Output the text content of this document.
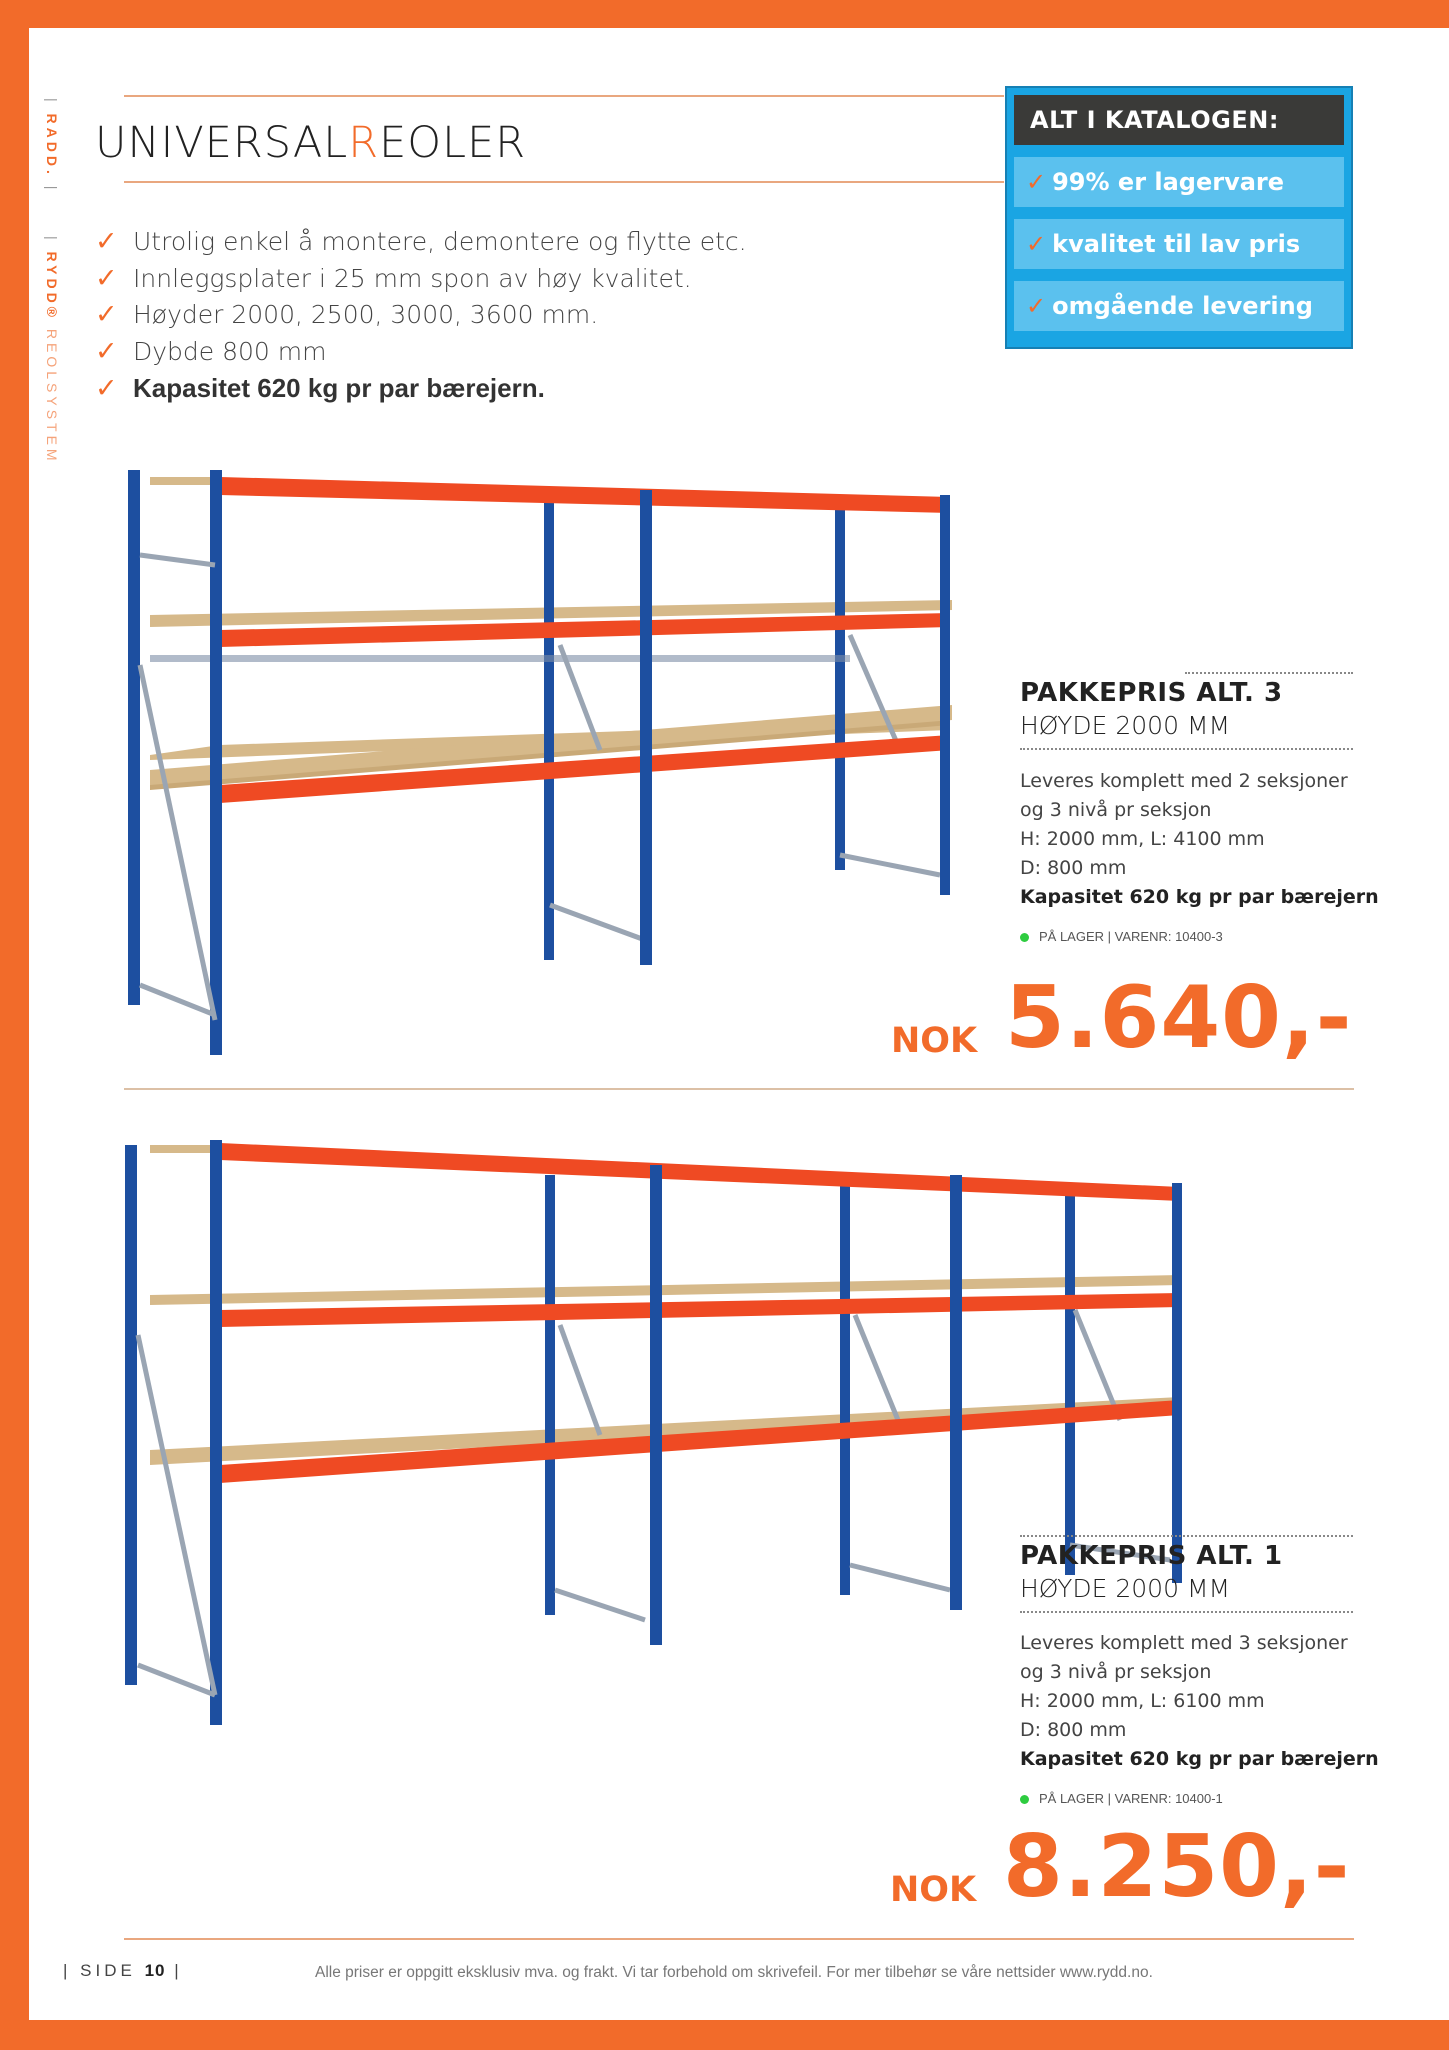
| RADD. |
| RYDD® REOLSYSTEM
UNIVERSALREOLER
✓ Utrolig enkel å montere, demontere og flytte etc.
✓ Innleggsplater i 25 mm spon av høy kvalitet.
✓ Høyder 2000, 2500, 3000, 3600 mm.
✓ Dybde 800 mm
✓ Kapasitet 620 kg pr par bærejern.
ALT I KATALOGEN:
✓ 99% er lagervare
✓ kvalitet til lav pris
✓ omgående levering
PAKKEPRIS ALT. 3
HØYDE 2000 MM
Leveres komplett med 2 seksjoner
og 3 nivå pr seksjon
H: 2000 mm, L: 4100 mm
D: 800 mm
Kapasitet 620 kg pr par bærejern
PÅ LAGER | VARENR: 10400-3
NOK 5.640,-
PAKKEPRIS ALT. 1
HØYDE 2000 MM
Leveres komplett med 3 seksjoner
og 3 nivå pr seksjon
H: 2000 mm, L: 6100 mm
D: 800 mm
Kapasitet 620 kg pr par bærejern
PÅ LAGER | VARENR: 10400-1
NOK 8.250,-
| SIDE 10 |	Alle priser er oppgitt eksklusiv mva. og frakt. Vi tar forbehold om skrivefeil. For mer tilbehør se våre nettsider www.rydd.no.
